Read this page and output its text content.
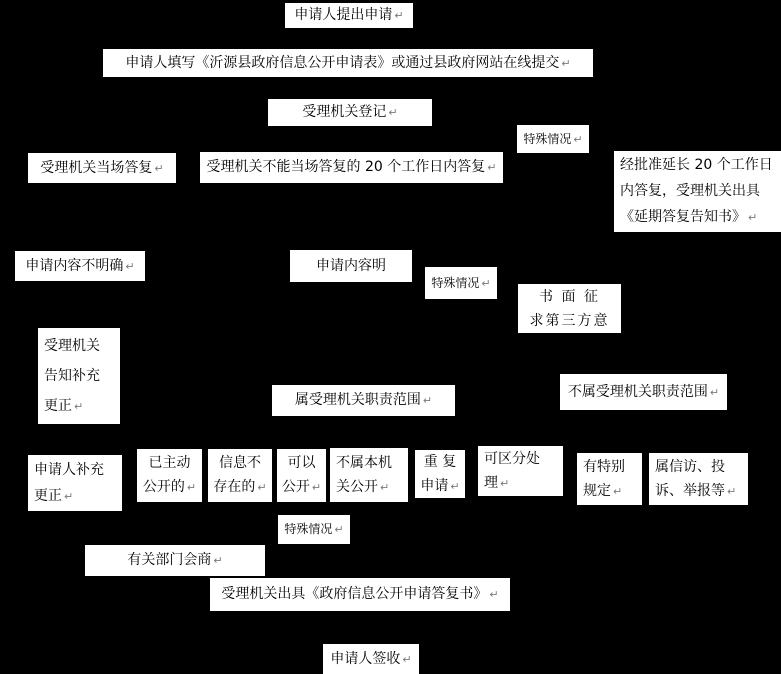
申请人提出申请 ↵
申请人填写《沂源县政府信息公开申请表》或通过县政府网站在线提交 ↵
受理机关登记 ↵
特殊情况 ↵
受理机关当场答复 ↵	受理机关不能当场答复的 20 个工作日内答复 ↵	经批准延长 20 个工作日
内答复，受理机关出具
《延期答复告知书》 ↵
申请内容不明确 ↵	申请内容明
特殊情况 ↵
书 面 征
求第三方意
受理机关
告知补充
更正 ↵	属受理机关职责范围 ↵
不属受理机关职责范围 ↵
申请人补充
更正 ↵
已主动
公开的 ↵
信息不
存在的 ↵
可以
公开 ↵
不属本机
关公开 ↵
重 复
申请 ↵
可区分处
理 ↵
有特别
规定 ↵
属信访、投
诉、举报等 ↵
特殊情况 ↵
有关部门会商 ↵
受理机关出具《政府信息公开申请答复书》 ↵
申请人签收 ↵
